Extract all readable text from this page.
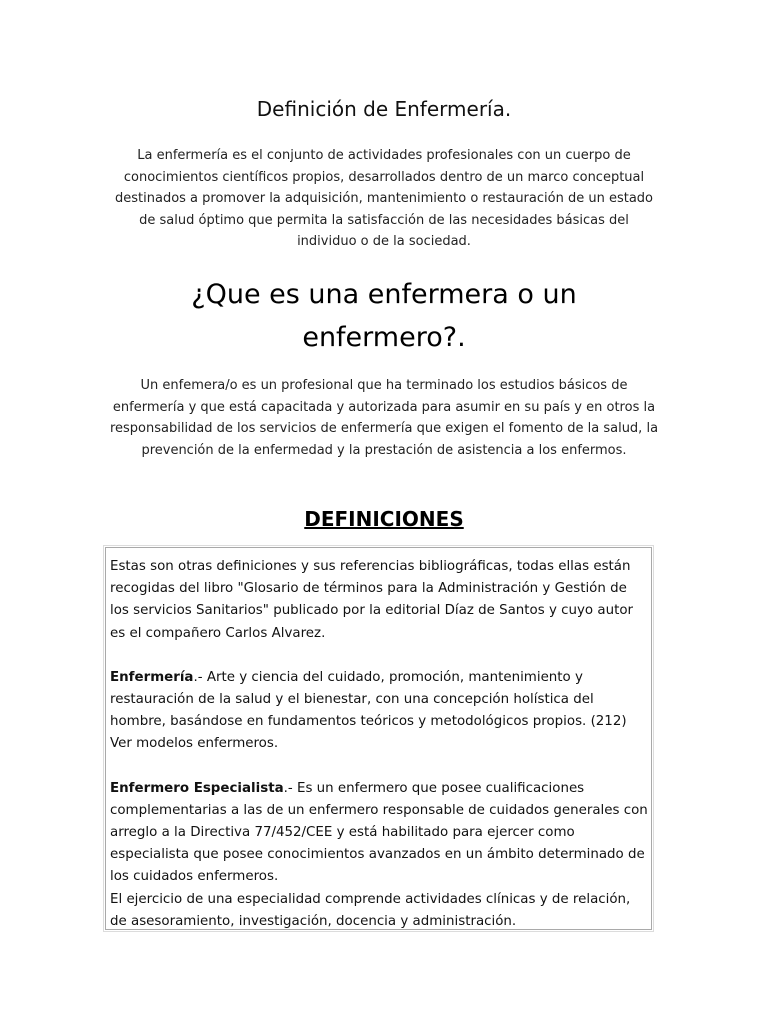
Definición de Enfermería.
La enfermería es el conjunto de actividades profesionales con un cuerpo de conocimientos científicos propios, desarrollados dentro de un marco conceptual destinados a promover la adquisición, mantenimiento o restauración de un estado de salud óptimo que permita la satisfacción de las necesidades básicas del individuo o de la sociedad.
¿Que es una enfermera o un enfermero?.
Un enfemera/o es un profesional que ha terminado los estudios básicos de enfermería y que está capacitada y autorizada para asumir en su país y en otros la responsabilidad de los servicios de enfermería que exigen el fomento de la salud, la prevención de la enfermedad y la prestación de asistencia a los enfermos.
DEFINICIONES

Estas son otras definiciones y sus referencias bibliográficas, todas ellas están recogidas del libro "Glosario de términos para la Administración y Gestión de los servicios Sanitarios" publicado por la editorial Díaz de Santos y cuyo autor es el compañero Carlos Alvarez.

Enfermería.- Arte y ciencia del cuidado, promoción, mantenimiento y restauración de la salud y el bienestar, con una concepción holística del hombre, basándose en fundamentos teóricos y metodológicos propios. (212) Ver modelos enfermeros.

Enfermero Especialista.- Es un enfermero que posee cualificaciones complementarias a las de un enfermero responsable de cuidados generales con arreglo a la Directiva 77/452/CEE y está habilitado para ejercer como especialista que posee conocimientos avanzados en un ámbito determinado de los cuidados enfermeros.

El ejercicio de una especialidad comprende actividades clínicas y de relación, de asesoramiento, investigación, docencia y administración.
